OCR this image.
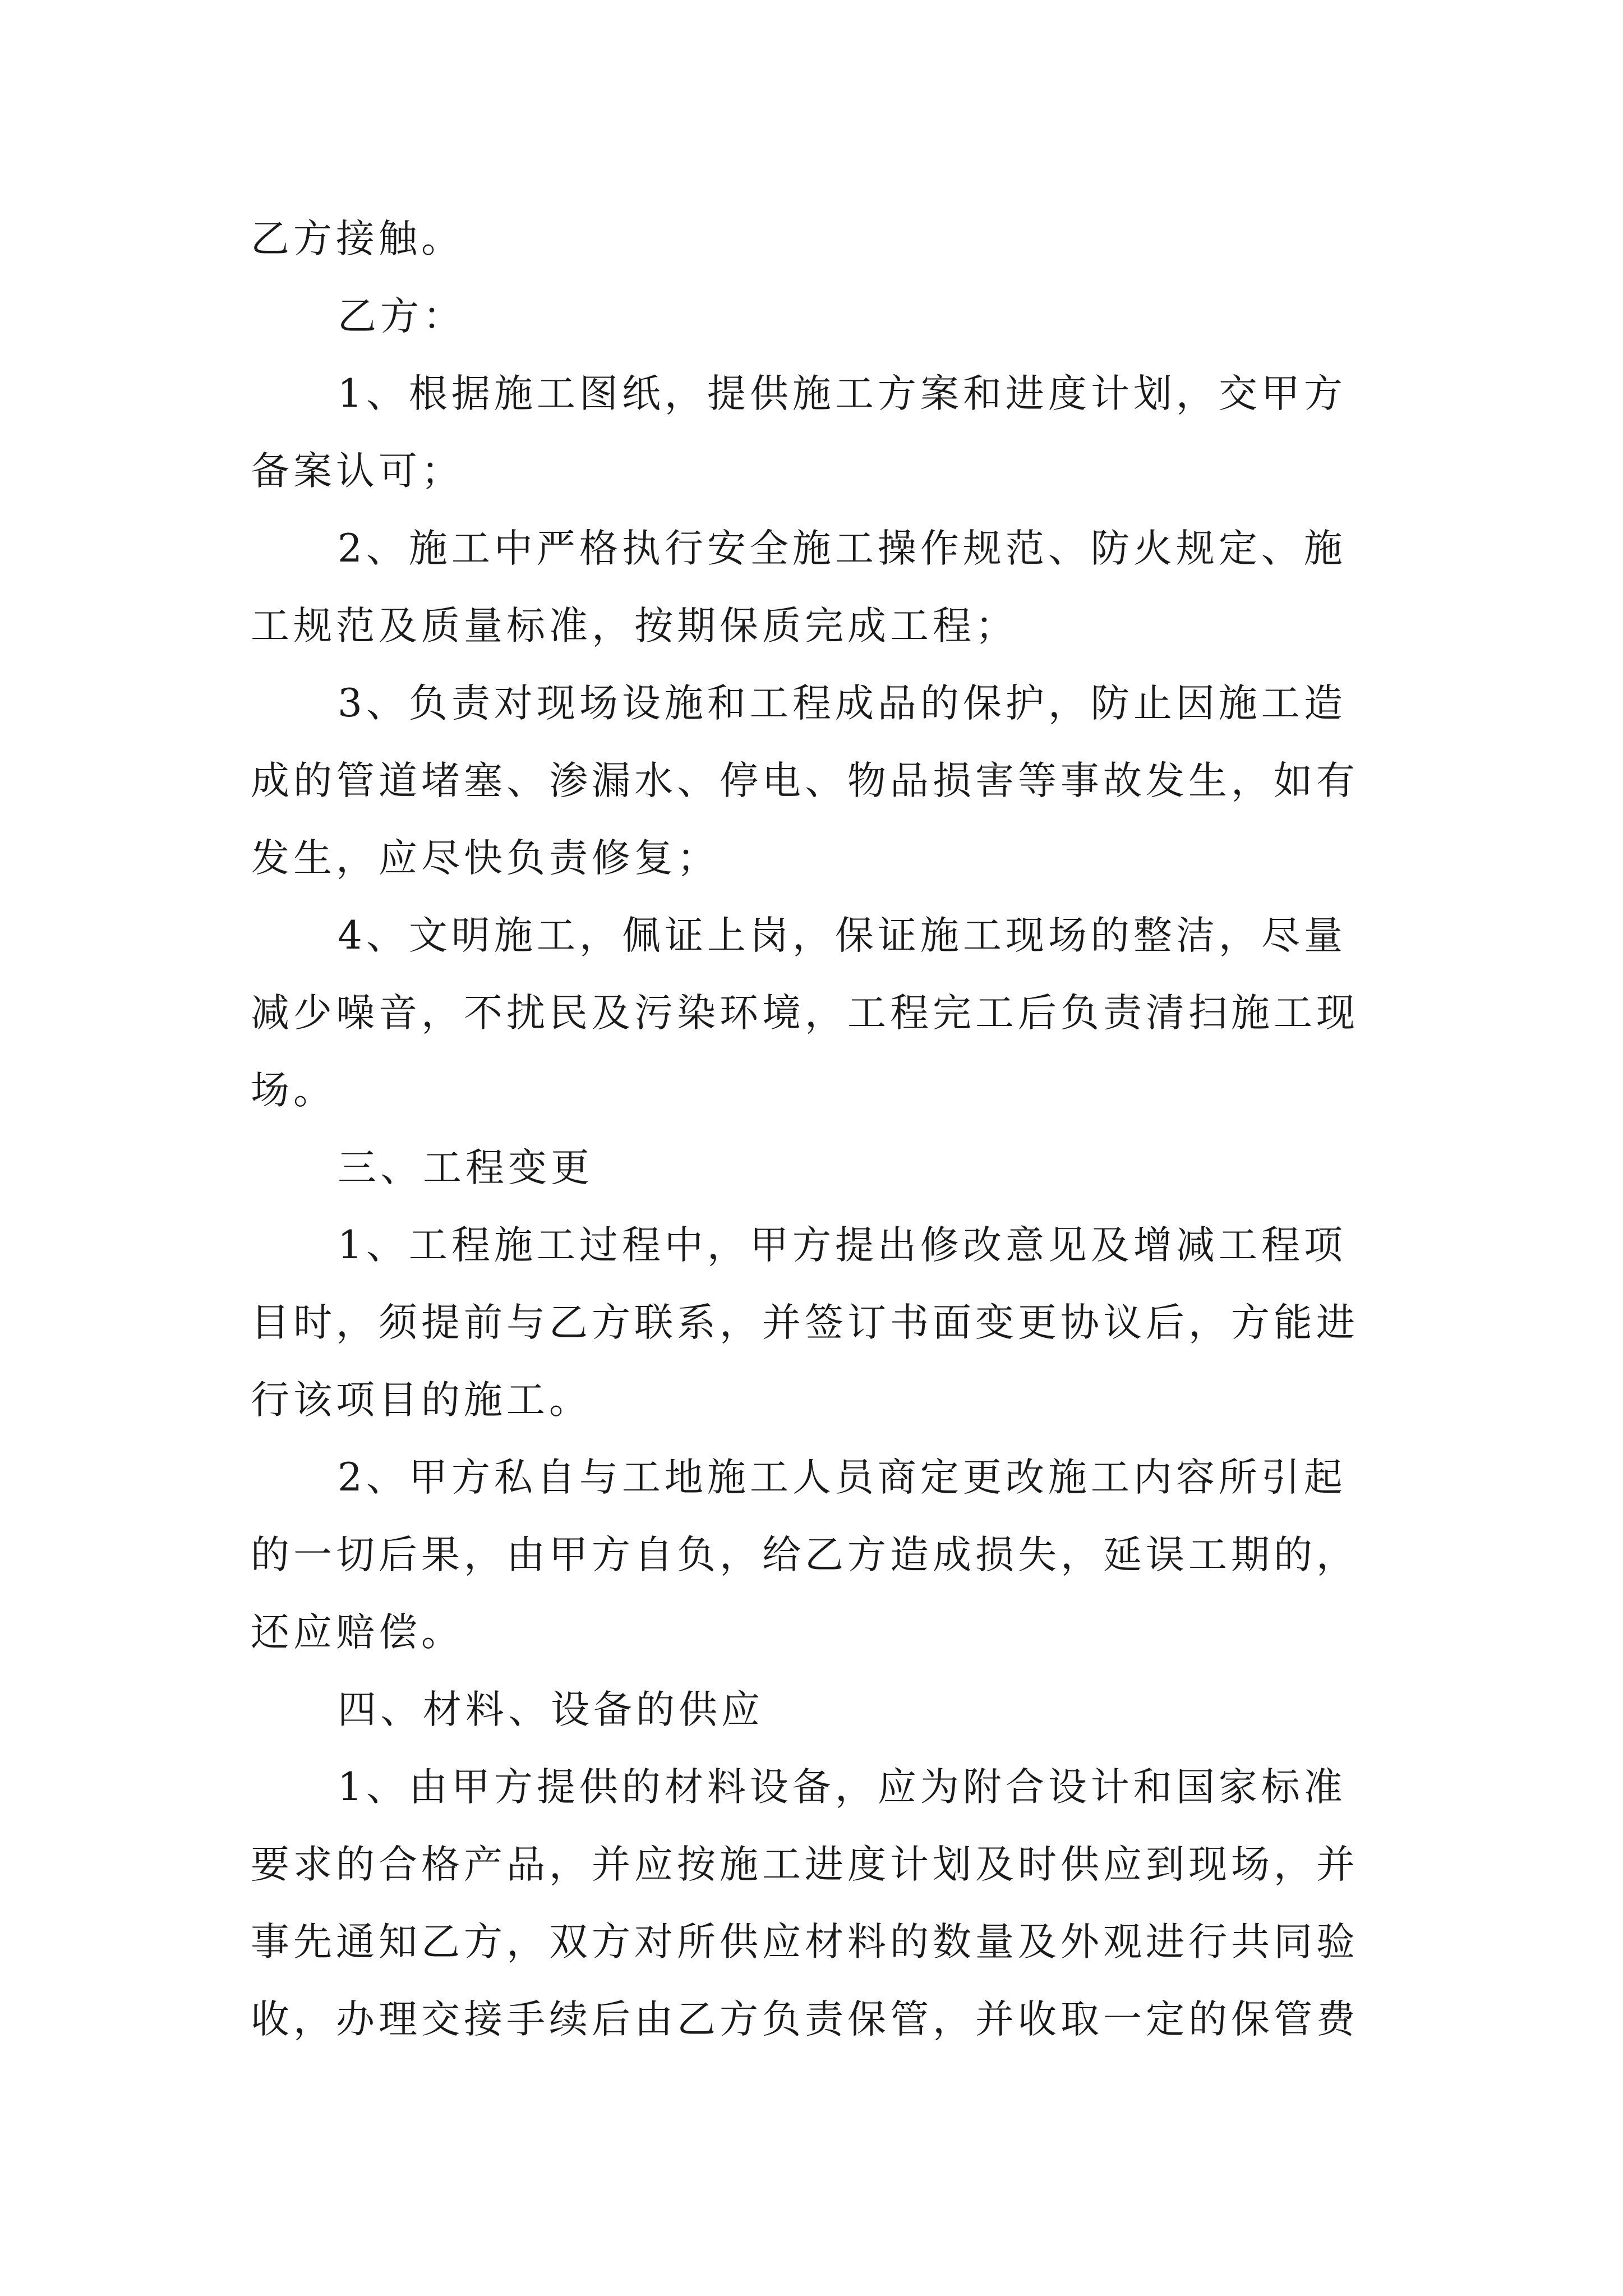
乙方接触。
乙方：
1、根据施工图纸，提供施工方案和进度计划，交甲方
备案认可；
2、施工中严格执行安全施工操作规范、防火规定、施
工规范及质量标准，按期保质完成工程；
3、负责对现场设施和工程成品的保护，防止因施工造
成的管道堵塞、渗漏水、停电、物品损害等事故发生，如有
发生，应尽快负责修复；
4、文明施工，佩证上岗，保证施工现场的整洁，尽量
减少噪音，不扰民及污染环境，工程完工后负责清扫施工现
场。
三、工程变更
1、工程施工过程中，甲方提出修改意见及增减工程项
目时，须提前与乙方联系，并签订书面变更协议后，方能进
行该项目的施工。
2、甲方私自与工地施工人员商定更改施工内容所引起
的一切后果，由甲方自负，给乙方造成损失，延误工期的，
还应赔偿。
四、材料、设备的供应
1、由甲方提供的材料设备，应为附合设计和国家标准
要求的合格产品，并应按施工进度计划及时供应到现场，并
事先通知乙方，双方对所供应材料的数量及外观进行共同验
收，办理交接手续后由乙方负责保管，并收取一定的保管费
